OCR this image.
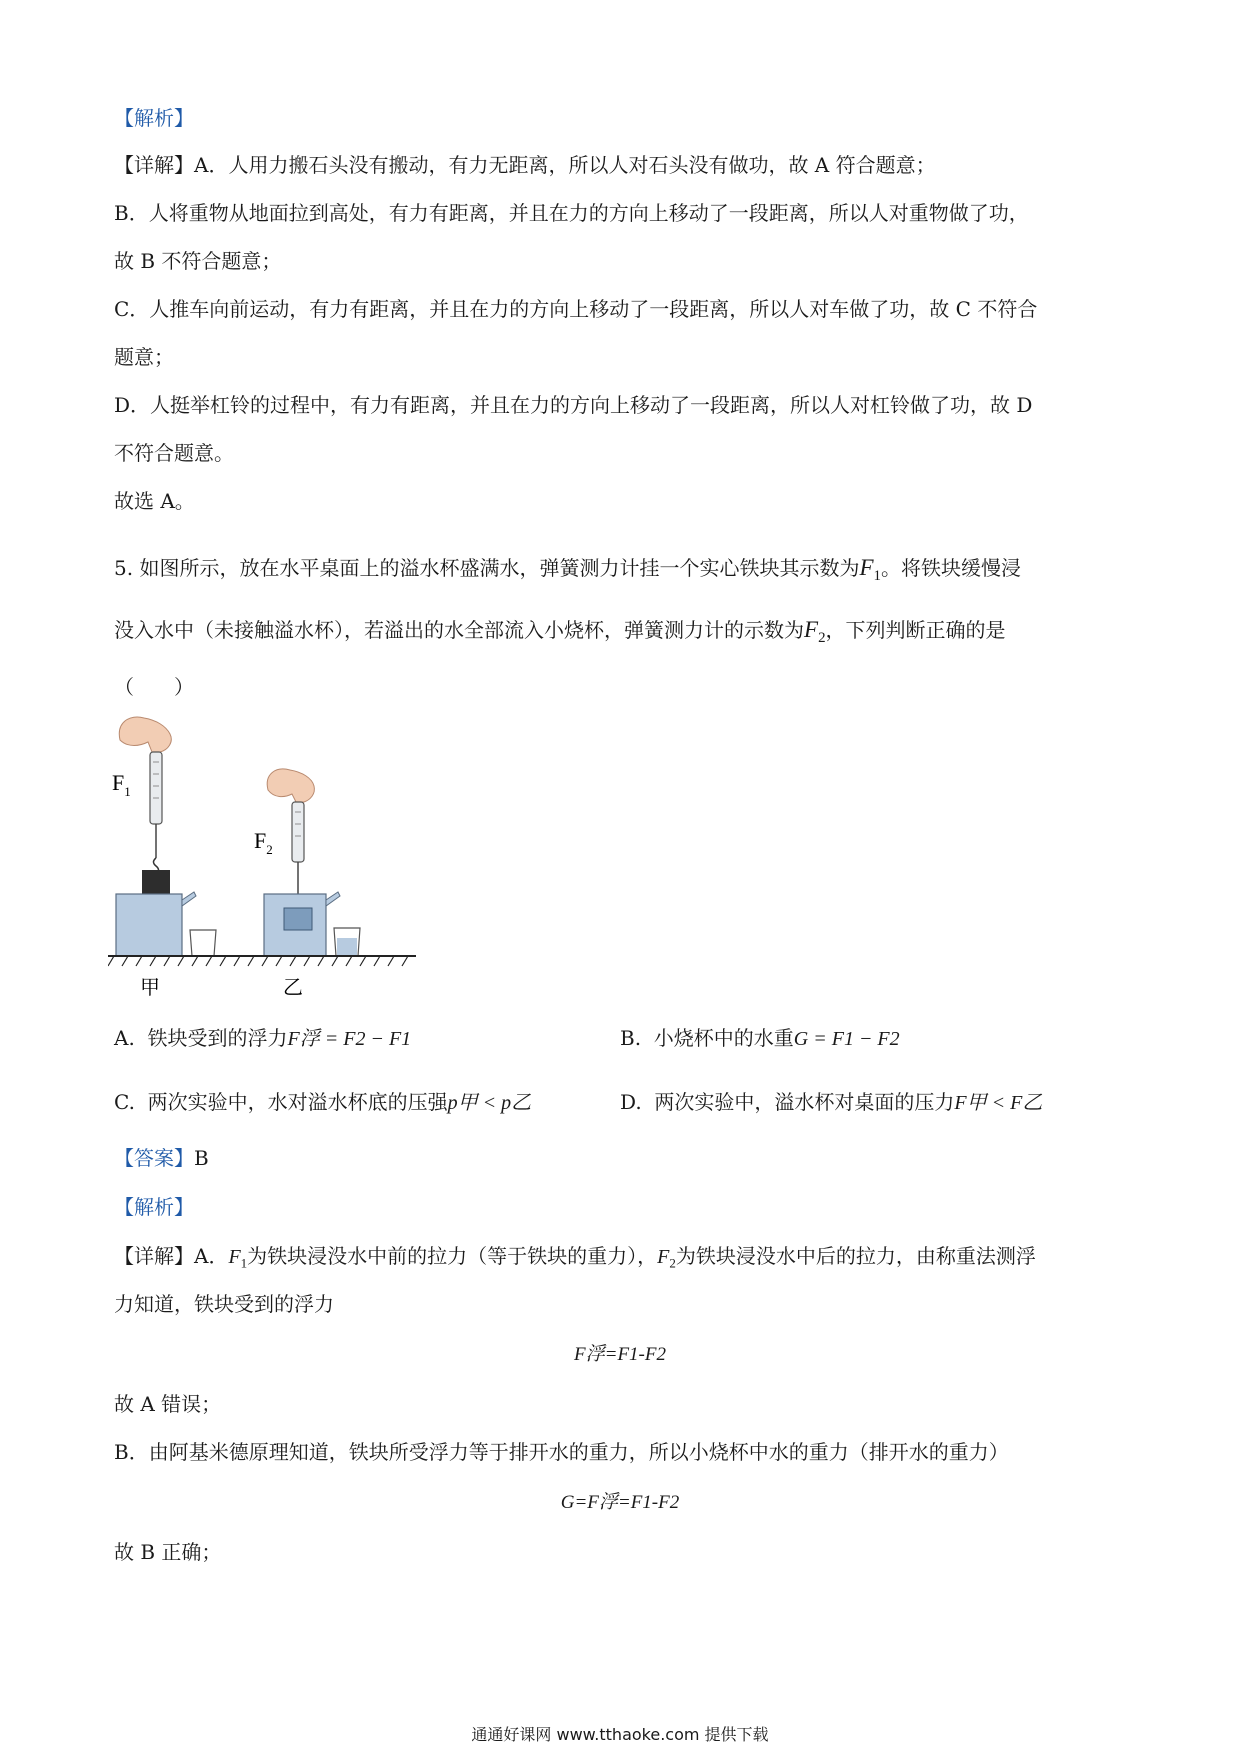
【解析】
【详解】A．人用力搬石头没有搬动，有力无距离，所以人对石头没有做功，故 A 符合题意；
B．人将重物从地面拉到高处，有力有距离，并且在力的方向上移动了一段距离，所以人对重物做了功，
故 B 不符合题意；
C．人推车向前运动，有力有距离，并且在力的方向上移动了一段距离，所以人对车做了功，故 C 不符合
题意；
D．人挺举杠铃的过程中，有力有距离，并且在力的方向上移动了一段距离，所以人对杠铃做了功，故 D
不符合题意。
故选 A。
5. 如图所示，放在水平桌面上的溢水杯盛满水，弹簧测力计挂一个实心铁块其示数为$F_1$。将铁块缓慢浸
没入水中（未接触溢水杯），若溢出的水全部流入小烧杯，弹簧测力计的示数为$F_2$，下列判断正确的是
（　　）
$F_1$
$F_2$
甲	乙
A. 铁块受到的浮力F浮 = F2 − F1	B. 小烧杯中的水重G = F1 − F2
C. 两次实验中，水对溢水杯底的压强p甲 < p乙	D. 两次实验中，溢水杯对桌面的压力F甲 < F乙
【答案】B
【解析】
【详解】A．$F_1$为铁块浸没水中前的拉力（等于铁块的重力），$F_2$为铁块浸没水中后的拉力，由称重法测浮
力知道，铁块受到的浮力
F浮=F1-F2
故 A 错误；
B．由阿基米德原理知道，铁块所受浮力等于排开水的重力，所以小烧杯中水的重力（排开水的重力）
G=F浮=F1-F2
故 B 正确；
通通好课网 www.tthaoke.com 提供下载
